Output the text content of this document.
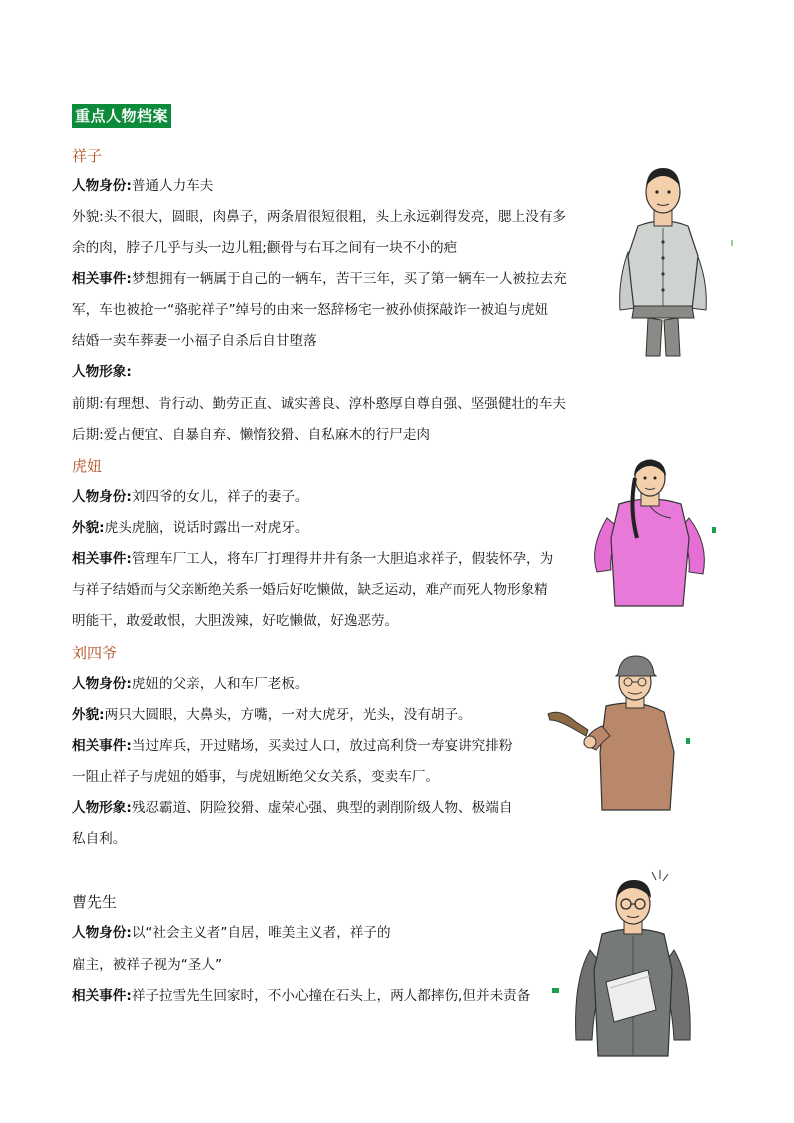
重点人物档案
祥子
人物身份:普通人力车夫
外貌:头不很大，圆眼，肉鼻子，两条眉很短很粗，头上永远剃得发亮，腮上没有多
余的肉，脖子几乎与头一边儿粗;颧骨与右耳之间有一块不小的疤
相关事件:梦想拥有一辆属于自己的一辆车，苦干三年，买了第一辆车一人被拉去充
军，车也被抢一“骆驼祥子”绰号的由来一怒辞杨宅一被孙侦探敲诈一被迫与虎妞
结婚一卖车葬妻一小福子自杀后自甘堕落
人物形象:
前期:有理想、肯行动、勤劳正直、诚实善良、淳朴憨厚自尊自强、坚强健壮的车夫
后期:爱占便宜、自暴自弃、懒惰狡猾、自私麻木的行尸走肉
虎妞
人物身份:刘四爷的女儿，祥子的妻子。
外貌:虎头虎脑，说话时露出一对虎牙。
相关事件:管理车厂工人，将车厂打理得井井有条一大胆追求祥子，假装怀孕，为
与祥子结婚而与父亲断绝关系一婚后好吃懒做，缺乏运动，难产而死人物形象精
明能干，敢爱敢恨，大胆泼辣，好吃懒做，好逸恶劳。
刘四爷
人物身份:虎妞的父亲，人和车厂老板。
外貌:两只大圆眼，大鼻头，方嘴，一对大虎牙，光头，没有胡子。
相关事件:当过库兵，开过赌场，买卖过人口，放过高利贷一寿宴讲究排粉
一阻止祥子与虎妞的婚事，与虎妞断绝父女关系，变卖车厂。
人物形象:残忍霸道、阴险狡猾、虚荣心强、典型的剥削阶级人物、极端自
私自利。
曹先生
人物身份:以“社会主义者”自居，唯美主义者，祥子的
雇主，被祥子视为“圣人”
相关事件:祥子拉雪先生回家时，不小心撞在石头上，两人都摔伤,但并未责备
